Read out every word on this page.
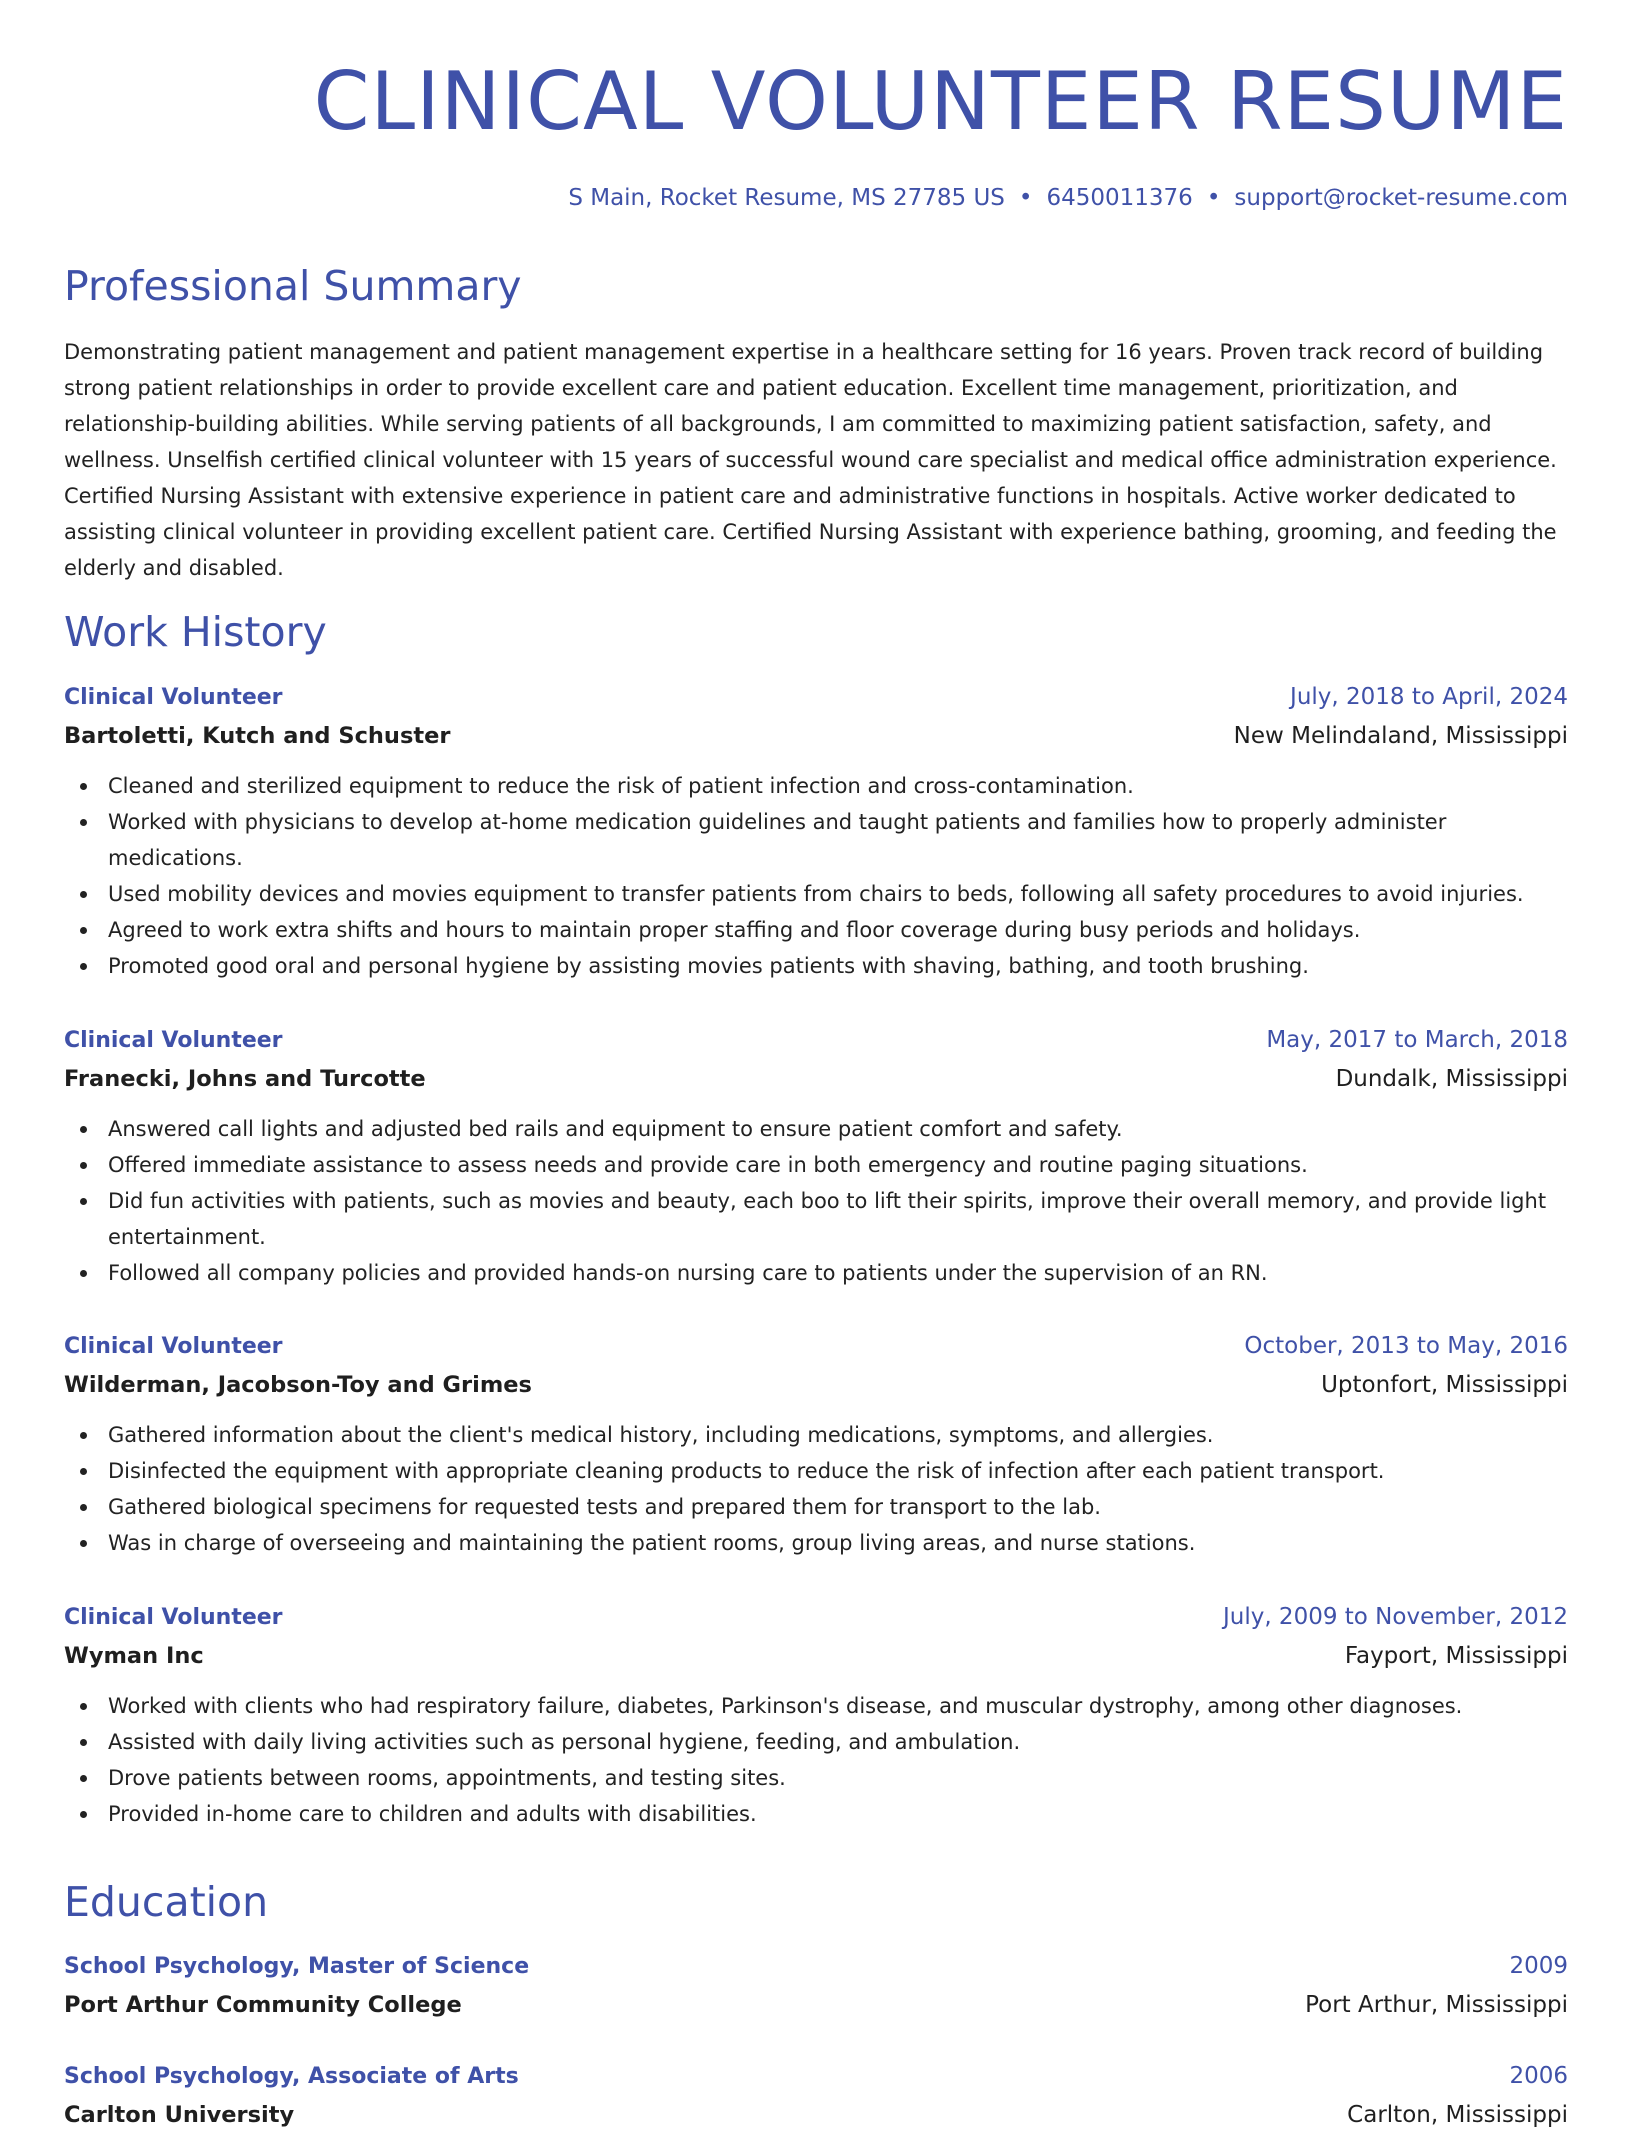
CLINICAL VOLUNTEER RESUME
S Main, Rocket Resume, MS 27785 US • 6450011376 • support@rocket-resume.com
Professional Summary

Demonstrating patient management and patient management expertise in a healthcare setting for 16 years. Proven track record of building strong patient relationships in order to provide excellent care and patient education. Excellent time management, prioritization, and relationship-building abilities. While serving patients of all backgrounds, I am committed to maximizing patient satisfaction, safety, and wellness. Unselfish certified clinical volunteer with 15 years of successful wound care specialist and medical office administration experience. Certified Nursing Assistant with extensive experience in patient care and administrative functions in hospitals. Active worker dedicated to assisting clinical volunteer in providing excellent patient care. Certified Nursing Assistant with experience bathing, grooming, and feeding the elderly and disabled.

Work History
Clinical Volunteer	July, 2018 to April, 2024
Bartoletti, Kutch and Schuster	New Melindaland, Mississippi
Cleaned and sterilized equipment to reduce the risk of patient infection and cross-contamination.
Worked with physicians to develop at-home medication guidelines and taught patients and families how to properly administer medications.
Used mobility devices and movies equipment to transfer patients from chairs to beds, following all safety procedures to avoid injuries.
Agreed to work extra shifts and hours to maintain proper staffing and floor coverage during busy periods and holidays.
Promoted good oral and personal hygiene by assisting movies patients with shaving, bathing, and tooth brushing.
Clinical Volunteer	May, 2017 to March, 2018
Franecki, Johns and Turcotte	Dundalk, Mississippi
Answered call lights and adjusted bed rails and equipment to ensure patient comfort and safety.
Offered immediate assistance to assess needs and provide care in both emergency and routine paging situations.
Did fun activities with patients, such as movies and beauty, each boo to lift their spirits, improve their overall memory, and provide light entertainment.
Followed all company policies and provided hands-on nursing care to patients under the supervision of an RN.
Clinical Volunteer	October, 2013 to May, 2016
Wilderman, Jacobson-Toy and Grimes	Uptonfort, Mississippi
Gathered information about the client's medical history, including medications, symptoms, and allergies.
Disinfected the equipment with appropriate cleaning products to reduce the risk of infection after each patient transport.
Gathered biological specimens for requested tests and prepared them for transport to the lab.
Was in charge of overseeing and maintaining the patient rooms, group living areas, and nurse stations.
Clinical Volunteer	July, 2009 to November, 2012
Wyman Inc	Fayport, Mississippi
Worked with clients who had respiratory failure, diabetes, Parkinson's disease, and muscular dystrophy, among other diagnoses.
Assisted with daily living activities such as personal hygiene, feeding, and ambulation.
Drove patients between rooms, appointments, and testing sites.
Provided in-home care to children and adults with disabilities.
Education
School Psychology, Master of Science	2009
Port Arthur Community College	Port Arthur, Mississippi
School Psychology, Associate of Arts	2006
Carlton University	Carlton, Mississippi
